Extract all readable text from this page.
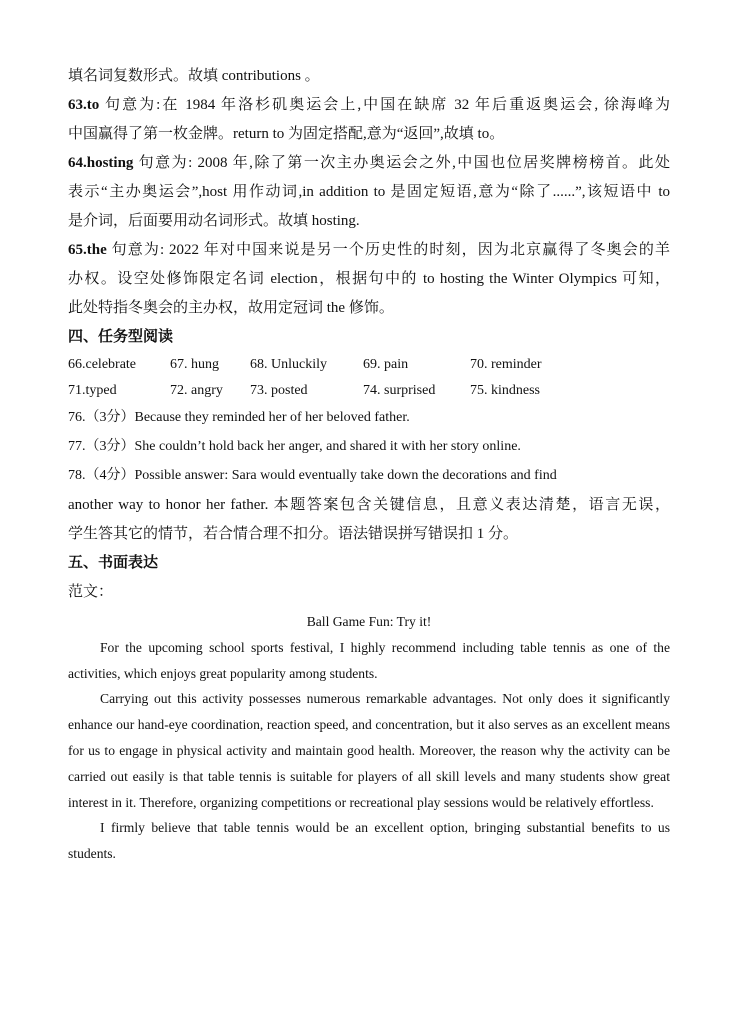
填名词复数形式。故填 contributions 。
63.to 句意为:在 1984 年洛杉矶奥运会上,中国在缺席 32 年后重返奥运会, 徐海峰为
中国赢得了第一枚金牌。return to 为固定搭配,意为“返回”,故填 to。
64.hosting 句意为: 2008 年,除了第一次主办奥运会之外,中国也位居奖牌榜榜首。此处
表示“主办奥运会”,host 用作动词,in addition to 是固定短语,意为“除了......”,该短语中 to
是介词，后面要用动名词形式。故填 hosting.
65.the 句意为: 2022 年对中国来说是另一个历史性的时刻，因为北京赢得了冬奥会的羊
办权。设空处修饰限定名词 election，根据句中的 to hosting the Winter Olympics 可知，
此处特指冬奥会的主办权，故用定冠词 the 修饰。
四、任务型阅读
66.celebrate	67. hung	68. Unluckily	69. pain	70. reminder
71.typed	72. angry	73. posted	74. surprised	75. kindness
76.（3分）Because they reminded her of her beloved father.
77.（3分）She couldn’t hold back her anger, and shared it with her story online.
78.（4分）Possible answer: Sara would eventually take down the decorations and find
another way to honor her father. 本题答案包含关键信息，且意义表达清楚，语言无误，
学生答其它的情节，若合情合理不扣分。语法错误拼写错误扣 1 分。
五、书面表达
范文：
Ball Game Fun: Try it!

For the upcoming school sports festival, I highly recommend including table tennis as one of the activities, which enjoys great popularity among students.

Carrying out this activity possesses numerous remarkable advantages. Not only does it significantly enhance our hand-eye coordination, reaction speed, and concentration, but it also serves as an excellent means for us to engage in physical activity and maintain good health. Moreover, the reason why the activity can be carried out easily is that table tennis is suitable for players of all skill levels and many students show great interest in it. Therefore, organizing competitions or recreational play sessions would be relatively effortless.

I firmly believe that table tennis would be an excellent option, bringing substantial benefits to us students.
